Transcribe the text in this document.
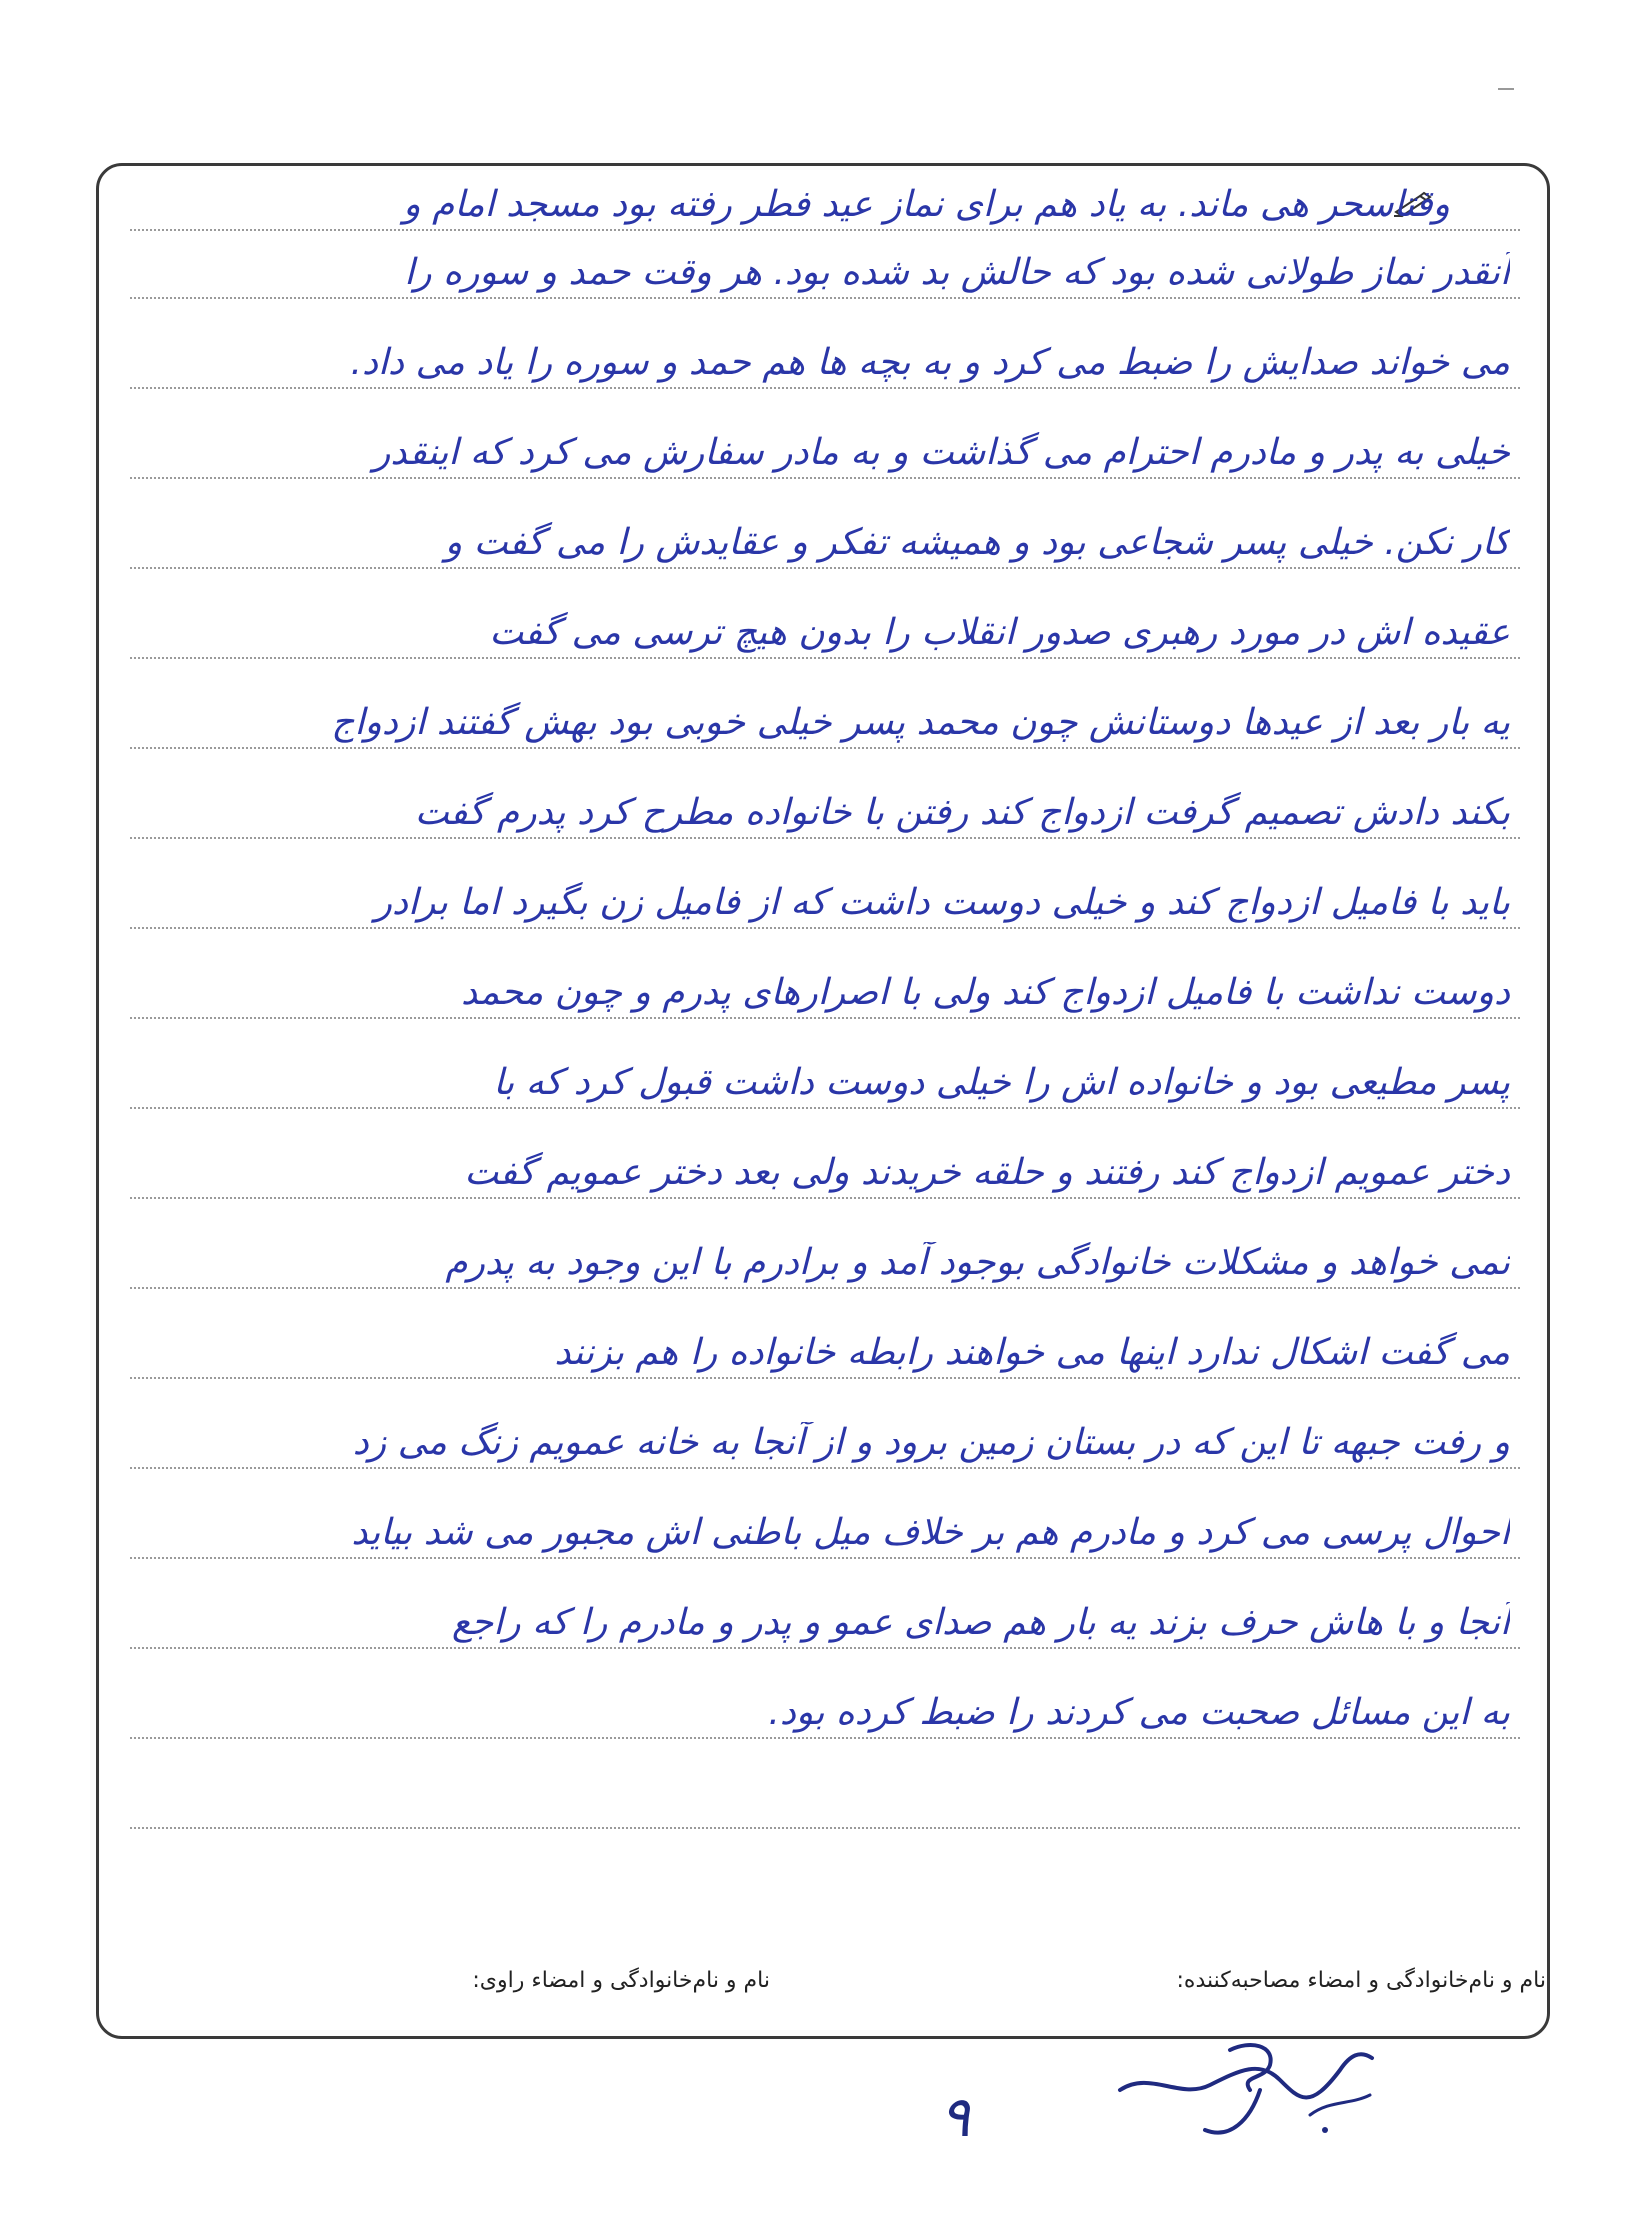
وقتاسحر هی ماند. به یاد هم برای نماز عید فطر رفته بود مسجد امام و
آنقدر نماز طولانی شده بود که حالش بد شده بود. هر وقت حمد و سوره را
می خواند صدایش را ضبط می کرد و به بچه ها هم حمد و سوره را یاد می داد.
خیلی به پدر و مادرم احترام می گذاشت و به مادر سفارش می کرد که اینقدر
کار نکن. خیلی پسر شجاعی بود و همیشه تفکر و عقایدش را می گفت و
عقیده اش در مورد رهبری صدور انقلاب را بدون هیچ ترسی می گفت
یه بار بعد از عیدها دوستانش چون محمد پسر خیلی خوبی بود بهش گفتند ازدواج
بکند دادش تصمیم گرفت ازدواج کند رفتن با خانواده مطرح کرد پدرم گفت
باید با فامیل ازدواج کند و خیلی دوست داشت که از فامیل زن بگیرد اما برادر
دوست نداشت با فامیل ازدواج کند ولی با اصرارهای پدرم و چون محمد
پسر مطیعی بود و خانواده اش را خیلی دوست داشت قبول کرد که با
دختر عمویم ازدواج کند رفتند و حلقه خریدند ولی بعد دختر عمویم گفت
نمی خواهد و مشکلات خانوادگی بوجود آمد و برادرم با این وجود به پدرم
می گفت اشکال ندارد اینها می خواهند رابطه خانواده را هم بزنند
و رفت جبهه تا این که در بستان زمین برود و از آنجا به خانه عمویم زنگ می زد
احوال پرسی می کرد و مادرم هم بر خلاف میل باطنی اش مجبور می شد بیاید
آنجا و با هاش حرف بزند یه بار هم صدای عمو و پدر و مادرم را که راجع
به این مسائل صحبت می کردند را ضبط کرده بود.
نام و نام‌خانوادگی و امضاء مصاحبه‌کننده:
نام و نام‌خانوادگی و امضاء راوی:
۹
